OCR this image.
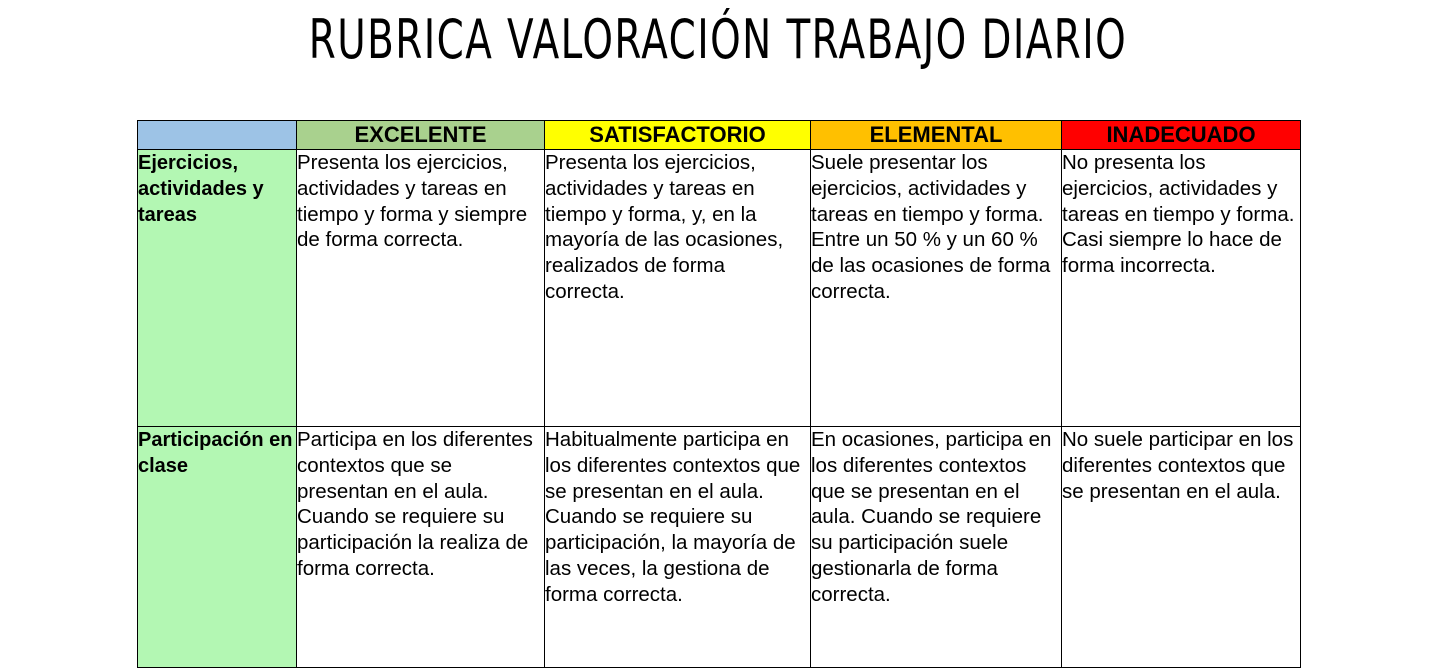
RUBRICA VALORACIÓN TRABAJO DIARIO
	EXCELENTE	SATISFACTORIO	ELEMENTAL	INADECUADO
Ejercicios, actividades y tareas	Presenta los ejercicios, actividades y tareas en tiempo y forma y siempre de forma correcta.	Presenta los ejercicios, actividades y tareas en tiempo y forma, y, en la mayoría de las ocasiones, realizados de forma correcta.	Suele presentar los ejercicios, actividades y tareas en tiempo y forma. Entre un 50 % y un 60 % de las ocasiones de forma correcta.	No presenta los ejercicios, actividades y tareas en tiempo y forma. Casi siempre lo hace de forma incorrecta.
Participación en clase	Participa en los diferentes contextos que se presentan en el aula. Cuando se requiere su participación la realiza de forma correcta.	Habitualmente participa en los diferentes contextos que se presentan en el aula. Cuando se requiere su participación, la mayoría de las veces, la gestiona de forma correcta.	En ocasiones, participa en los diferentes contextos que se presentan en el aula. Cuando se requiere su participación suele gestionarla de forma correcta.	No suele participar en los diferentes contextos que se presentan en el aula.
